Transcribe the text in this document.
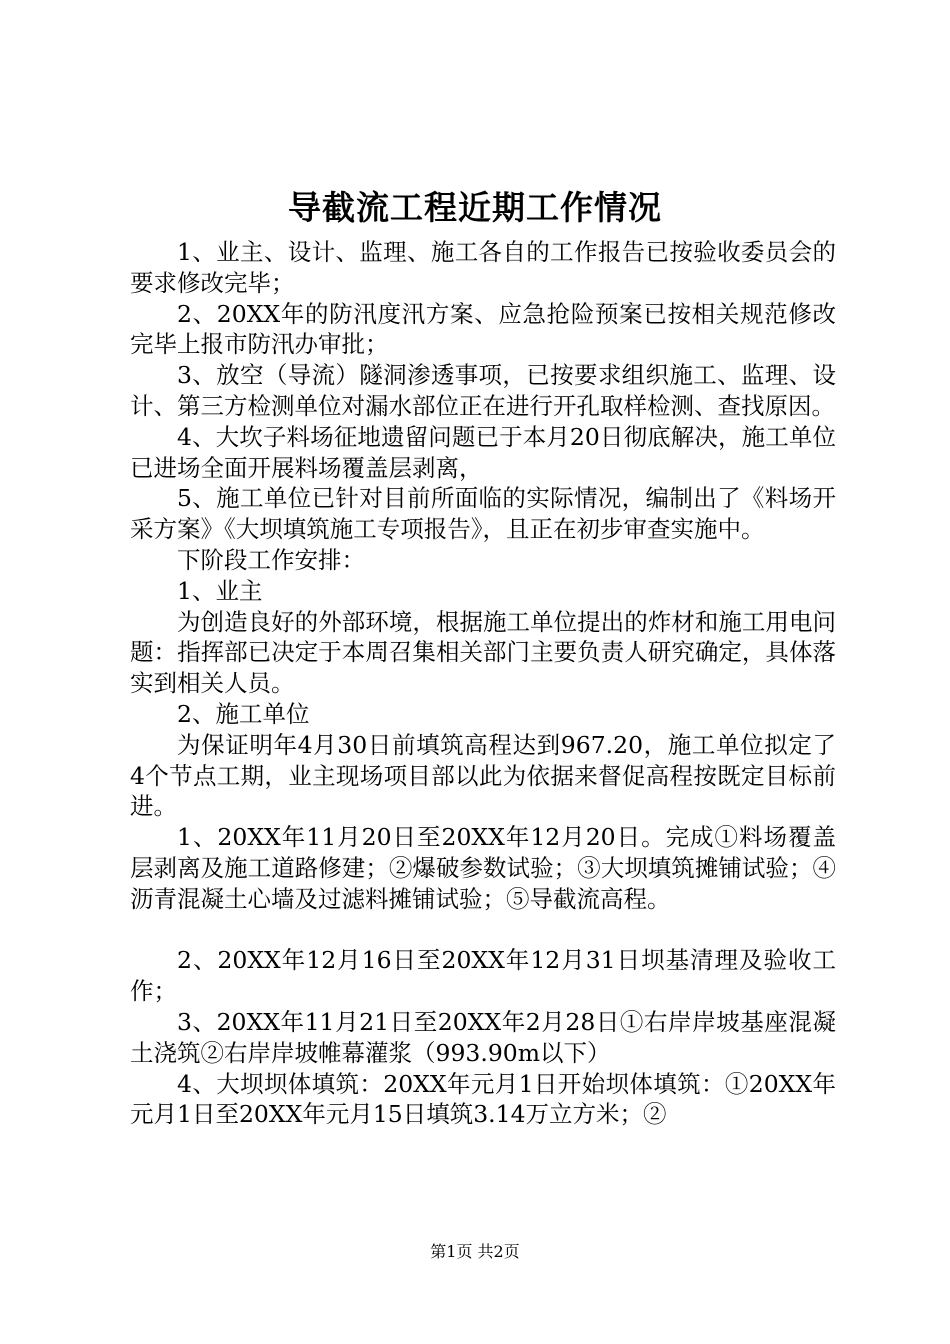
导截流工程近期工作情况

1、业主、设计、监理、施工各自的工作报告已按验收委员会的要求修改完毕；

2、20XX年的防汛度汛方案、应急抢险预案已按相关规范修改完毕上报市防汛办审批；

3、放空（导流）隧洞渗透事项，已按要求组织施工、监理、设计、第三方检测单位对漏水部位正在进行开孔取样检测、查找原因。

4、大坎子料场征地遗留问题已于本月20日彻底解决，施工单位已进场全面开展料场覆盖层剥离，

5、施工单位已针对目前所面临的实际情况，编制出了《料场开采方案》《大坝填筑施工专项报告》，且正在初步审查实施中。

下阶段工作安排：

1、业主

为创造良好的外部环境，根据施工单位提出的炸材和施工用电问题：指挥部已决定于本周召集相关部门主要负责人研究确定，具体落实到相关人员。

2、施工单位

为保证明年4月30日前填筑高程达到967.20，施工单位拟定了4个节点工期，业主现场项目部以此为依据来督促高程按既定目标前进。

1、20XX年11月20日至20XX年12月20日。完成①料场覆盖层剥离及施工道路修建；②爆破参数试验；③大坝填筑摊铺试验；④沥青混凝土心墙及过滤料摊铺试验；⑤导截流高程。

2、20XX年12月16日至20XX年12月31日坝基清理及验收工作；

3、20XX年11月21日至20XX年2月28日①右岸岸坡基座混凝土浇筑②右岸岸坡帷幕灌浆（993.90m以下）

4、大坝坝体填筑：20XX年元月1日开始坝体填筑：①20XX年元月1日至20XX年元月15日填筑3.14万立方米；②

第1页 共2页
